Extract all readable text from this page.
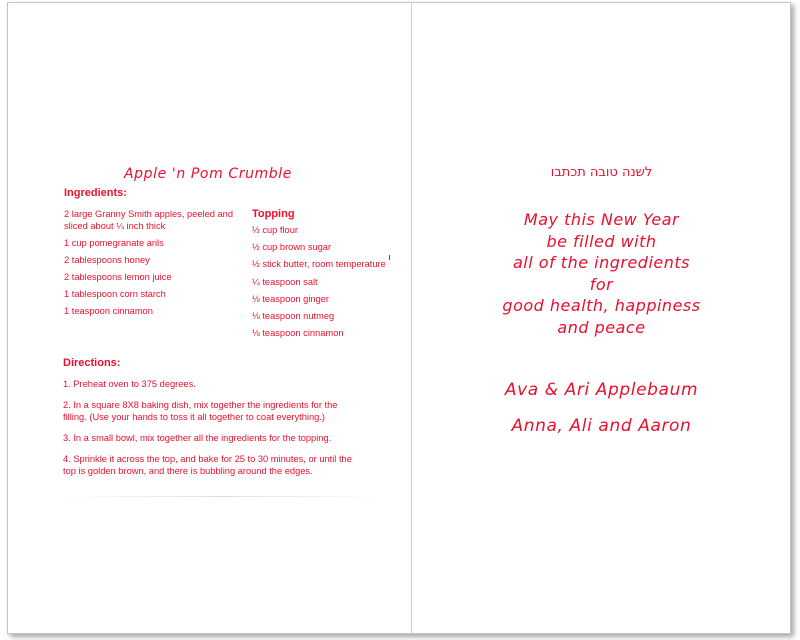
Apple 'n Pom Crumble
Ingredients:
2 large Granny Smith apples, peeled and sliced about ¼ inch thick
1 cup pomegranate arils
2 tablespoons honey
2 tablespoons lemon juice
1 tablespoon corn starch
1 teaspoon cinnamon
Topping
½ cup flour
½ cup brown sugar
½ stick butter, room temperature
¼ teaspoon salt
⅛ teaspoon ginger
⅛ teaspoon nutmeg
⅛ teaspoon cinnamon
Directions:
1. Preheat oven to 375 degrees.
2. In a square 8X8 baking dish, mix together the ingredients for the filling. (Use your hands to toss it all together to coat everything.)
3. In a small bowl, mix together all the ingredients for the topping.
4. Sprinkle it across the top, and bake for 25 to 30 minutes, or until the top is golden brown, and there is bubbling around the edges.
לשנה טובה תכתבו
May this New Year
be filled with
all of the ingredients
for
good health, happiness
and peace
Ava & Ari Applebaum
Anna, Ali and Aaron
